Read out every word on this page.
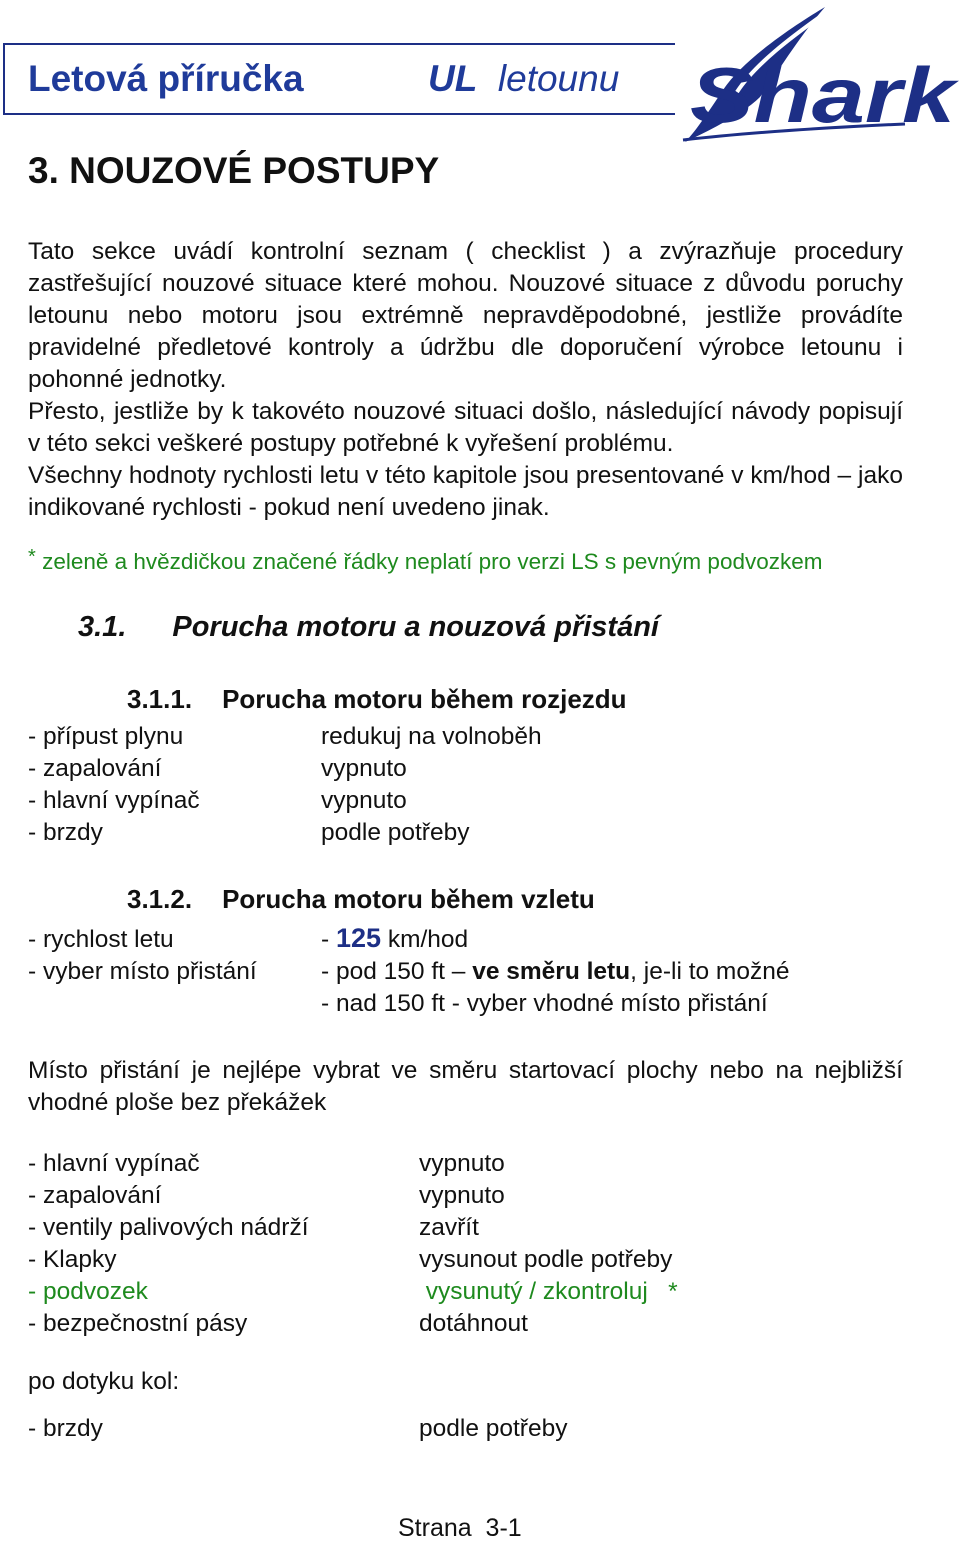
Letová příručka	UL letounu Shark
3. NOUZOVÉ POSTUPY

Tato sekce uvádí kontrolní seznam ( checklist ) a zvýrazňuje procedury zastřešující nouzové situace které mohou. Nouzové situace z důvodu poruchy letounu nebo motoru jsou extrémně nepravděpodobné, jestliže provádíte pravidelné předletové kontroly a údržbu dle doporučení výrobce letounu i pohonné jednotky.

Přesto, jestliže by k takovéto nouzové situaci došlo, následující návody popisují v této sekci veškeré postupy potřebné k vyřešení problému.

Všechny hodnoty rychlosti letu v této kapitole jsou presentované v km/hod – jako indikované rychlosti - pokud není uvedeno jinak.

* zeleně a hvězdičkou značené řádky neplatí pro verzi LS s pevným podvozkem
3.1. Porucha motoru a nouzová přistání
3.1.1. Porucha motoru během rozjezdu
- přípust plynu	redukuj na volnoběh
- zapalování	vypnuto
- hlavní vypínač	vypnuto
- brzdy	podle potřeby
3.1.2. Porucha motoru během vzletu
- rychlost letu	- 125 km/hod
- vyber místo přistání	- pod 150 ft – ve směru letu, je-li to možné
- nad 150 ft - vyber vhodné místo přistání

Místo přistání je nejlépe vybrat ve směru startovací plochy nebo na nejbližší vhodné ploše bez překážek

- hlavní vypínač	vypnuto
- zapalování	vypnuto
- ventily palivových nádrží	zavřít
- Klapky	vysunout podle potřeby
- podvozek	vysunutý / zkontroluj   *
- bezpečnostní pásy	dotáhnout
po dotyku kol:
- brzdy	podle potřeby
Strana  3-1
